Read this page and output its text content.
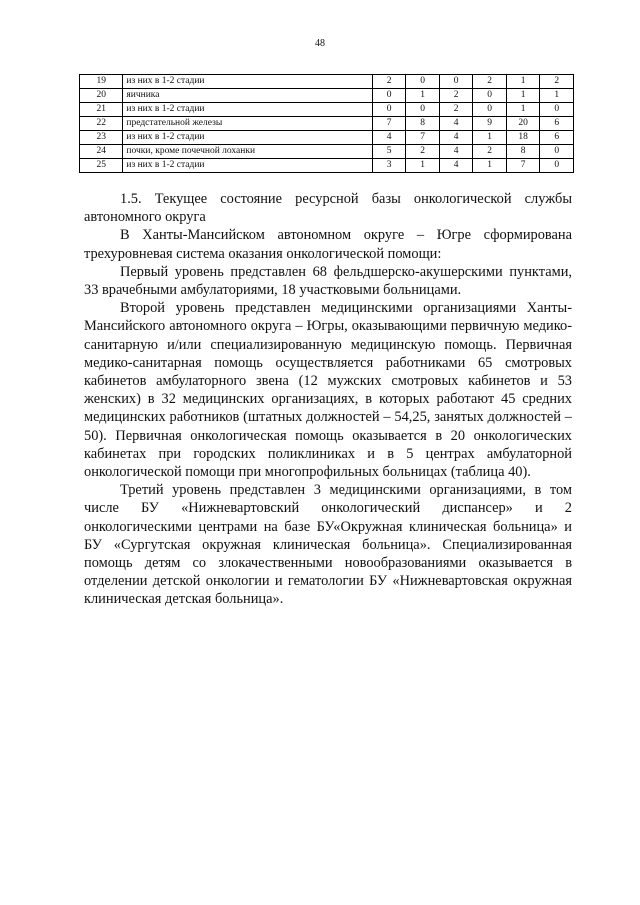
48
19	из них в 1-2 стадии	2	0	0	2	1	2
20	яичника	0	1	2	0	1	1
21	из них в 1-2 стадии	0	0	2	0	1	0
22	предстательной железы	7	8	4	9	20	6
23	из них в 1-2 стадии	4	7	4	1	18	6
24	почки, кроме почечной лоханки	5	2	4	2	8	0
25	из них в 1-2 стадии	3	1	4	1	7	0

1.5. Текущее состояние ресурсной базы онкологической службы автономного округа

В Ханты-Мансийском автономном округе – Югре сформирована трехуровневая система оказания онкологической помощи:

Первый уровень представлен 68 фельдшерско-акушерскими пунктами, 33 врачебными амбулаториями, 18 участковыми больницами.

Второй уровень представлен медицинскими организациями Ханты-Мансийского автономного округа – Югры, оказывающими первичную медико-санитарную и/или специализированную медицинскую помощь. Первичная медико-санитарная помощь осуществляется работниками 65 смотровых кабинетов амбулаторного звена (12 мужских смотровых кабинетов и 53 женских) в 32 медицинских организациях, в которых работают 45 средних медицинских работников (штатных должностей – 54,25, занятых должностей – 50). Первичная онкологическая помощь оказывается в 20 онкологических кабинетах при городских поликлиниках и в 5 центрах амбулаторной онкологической помощи при многопрофильных больницах (таблица 40).

Третий уровень представлен 3 медицинскими организациями, в том числе БУ «Нижневартовский онкологический диспансер» и 2 онкологическими центрами на базе БУ«Окружная клиническая больница» и БУ «Сургутская окружная клиническая больница». Специализированная помощь детям со злокачественными новообразованиями оказывается в отделении детской онкологии и гематологии БУ «Нижневартовская окружная клиническая детская больница».
